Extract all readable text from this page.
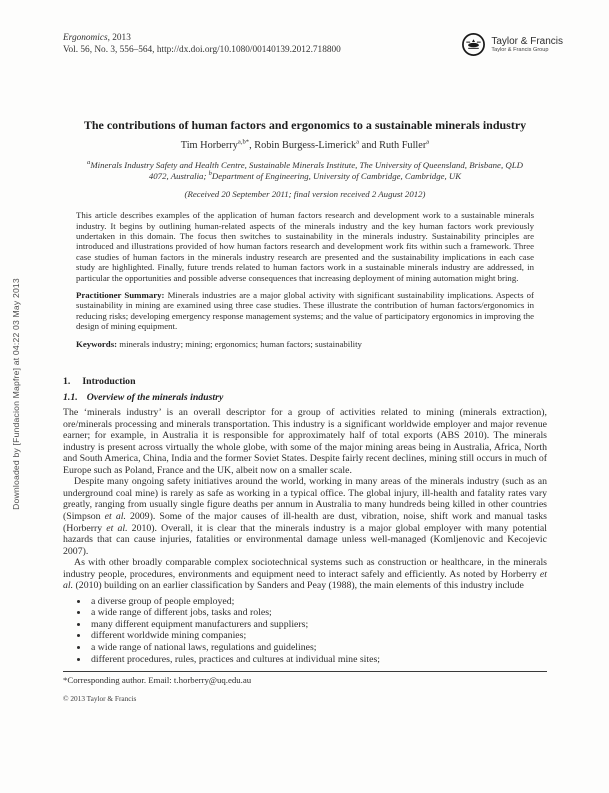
Downloaded by [Fundacion Mapfre] at 04:22 03 May 2013
Ergonomics, 2013
Vol. 56, No. 3, 556–564, http://dx.doi.org/10.1080/00140139.2012.718800
Taylor & Francis
Taylor & Francis Group
The contributions of human factors and ergonomics to a sustainable minerals industry
Tim Horberry$^{a,b*}$, Robin Burgess-Limerick$^a$ and Ruth Fuller$^a$
$^a$Minerals Industry Safety and Health Centre, Sustainable Minerals Institute, The University of Queensland, Brisbane, QLD 4072, Australia; $^b$Department of Engineering, University of Cambridge, Cambridge, UK
(Received 20 September 2011; final version received 2 August 2012)

This article describes examples of the application of human factors research and development work to a sustainable minerals industry. It begins by outlining human-related aspects of the minerals industry and the key human factors work previously undertaken in this domain. The focus then switches to sustainability in the minerals industry. Sustainability principles are introduced and illustrations provided of how human factors research and development work fits within such a framework. Three case studies of human factors in the minerals industry research are presented and the sustainability implications in each case study are highlighted. Finally, future trends related to human factors work in a sustainable minerals industry are addressed, in particular the opportunities and possible adverse consequences that increasing deployment of mining automation might bring.

Practitioner Summary: Minerals industries are a major global activity with significant sustainability implications. Aspects of sustainability in mining are examined using three case studies. These illustrate the contribution of human factors/ergonomics in reducing risks; developing emergency response management systems; and the value of participatory ergonomics in improving the design of mining equipment.

Keywords: minerals industry; mining; ergonomics; human factors; sustainability

1. Introduction
1.1. Overview of the minerals industry

The ‘minerals industry’ is an overall descriptor for a group of activities related to mining (minerals extraction), ore/minerals processing and minerals transportation. This industry is a significant worldwide employer and major revenue earner; for example, in Australia it is responsible for approximately half of total exports (ABS 2010). The minerals industry is present across virtually the whole globe, with some of the major mining areas being in Australia, Africa, North and South America, China, India and the former Soviet States. Despite fairly recent declines, mining still occurs in much of Europe such as Poland, France and the UK, albeit now on a smaller scale.

Despite many ongoing safety initiatives around the world, working in many areas of the minerals industry (such as an underground coal mine) is rarely as safe as working in a typical office. The global injury, ill-health and fatality rates vary greatly, ranging from usually single figure deaths per annum in Australia to many hundreds being killed in other countries (Simpson et al. 2009). Some of the major causes of ill-health are dust, vibration, noise, shift work and manual tasks (Horberry et al. 2010). Overall, it is clear that the minerals industry is a major global employer with many potential hazards that can cause injuries, fatalities or environmental damage unless well-managed (Komljenovic and Kecojevic 2007).

As with other broadly comparable complex sociotechnical systems such as construction or healthcare, in the minerals industry people, procedures, environments and equipment need to interact safely and efficiently. As noted by Horberry et al. (2010) building on an earlier classification by Sanders and Peay (1988), the main elements of this industry include

• a diverse group of people employed;
• a wide range of different jobs, tasks and roles;
• many different equipment manufacturers and suppliers;
• different worldwide mining companies;
• a wide range of national laws, regulations and guidelines;
• different procedures, rules, practices and cultures at individual mine sites;
*Corresponding author. Email: t.horberry@uq.edu.au
© 2013 Taylor & Francis
